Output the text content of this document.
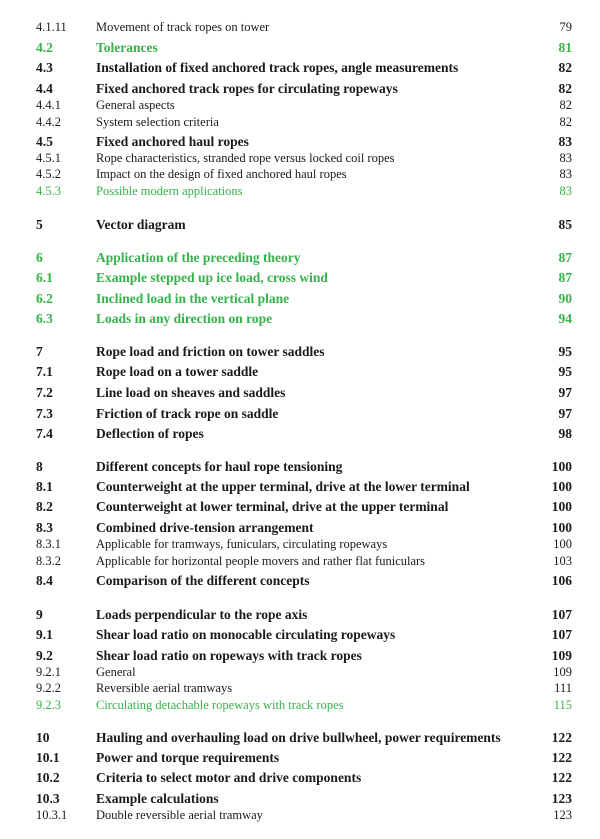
4.1.11 Movement of track ropes on tower	79
4.2	Tolerances	81
4.3	Installation of fixed anchored track ropes, angle measurements	82
4.4	Fixed anchored track ropes for circulating ropeways	82
4.4.1	General aspects	82
4.4.2	System selection criteria	82
4.5	Fixed anchored haul ropes	83
4.5.1	Rope characteristics, stranded rope versus locked coil ropes	83
4.5.2	Impact on the design of fixed anchored haul ropes	83
4.5.3	Possible modern applications	83
5	Vector diagram	85
6	Application of the preceding theory	87
6.1	Example stepped up ice load, cross wind	87
6.2	Inclined load in the vertical plane	90
6.3	Loads in any direction on rope	94
7	Rope load and friction on tower saddles	95
7.1	Rope load on a tower saddle	95
7.2	Line load on sheaves and saddles	97
7.3	Friction of track rope on saddle	97
7.4	Deflection of ropes	98
8	Different concepts for haul rope tensioning	100
8.1	Counterweight at the upper terminal, drive at the lower terminal	100
8.2	Counterweight at lower terminal, drive at the upper terminal	100
8.3	Combined drive-tension arrangement	100
8.3.1	Applicable for tramways, funiculars, circulating ropeways	100
8.3.2	Applicable for horizontal people movers and rather flat funiculars	103
8.4	Comparison of the different concepts	106
9	Loads perpendicular to the rope axis	107
9.1	Shear load ratio on monocable circulating ropeways	107
9.2	Shear load ratio on ropeways with track ropes	109
9.2.1	General	109
9.2.2	Reversible aerial tramways	111
9.2.3	Circulating detachable ropeways with track ropes	115
10	Hauling and overhauling load on drive bullwheel, power requirements	122
10.1	Power and torque requirements	122
10.2	Criteria to select motor and drive components	122
10.3	Example calculations	123
10.3.1 Double reversible aerial tramway	123
